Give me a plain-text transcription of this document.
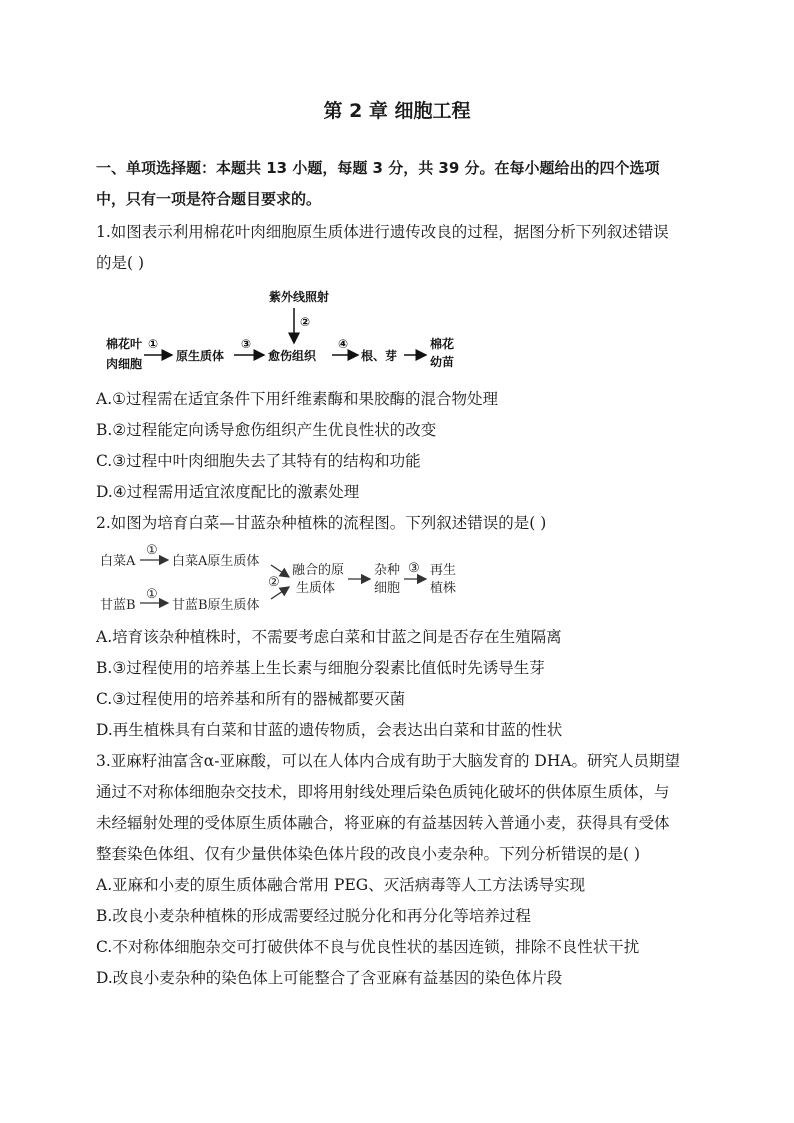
第 2 章 细胞工程
一、单项选择题：本题共 13 小题，每题 3 分，共 39 分。在每小题给出的四个选项
中，只有一项是符合题目要求的。
1.如图表示利用棉花叶肉细胞原生质体进行遗传改良的过程，据图分析下列叙述错误
的是( )
紫外线照射
②
棉花叶
肉细胞
①
原生质体
③
愈伤组织
④
根、芽
棉花
幼苗
A.①过程需在适宜条件下用纤维素酶和果胶酶的混合物处理
B.②过程能定向诱导愈伤组织产生优良性状的改变
C.③过程中叶肉细胞失去了其特有的结构和功能
D.④过程需用适宜浓度配比的激素处理
2.如图为培育白菜—甘蓝杂种植株的流程图。下列叙述错误的是( )
白菜A
①
白菜A原生质体
甘蓝B
①
甘蓝B原生质体
②
融合的原
生质体
杂种
细胞
③ 再生
植株
A.培育该杂种植株时，不需要考虑白菜和甘蓝之间是否存在生殖隔离
B.③过程使用的培养基上生长素与细胞分裂素比值低时先诱导生芽
C.③过程使用的培养基和所有的器械都要灭菌
D.再生植株具有白菜和甘蓝的遗传物质，会表达出白菜和甘蓝的性状
3.亚麻籽油富含α-亚麻酸，可以在人体内合成有助于大脑发育的 DHA。研究人员期望
通过不对称体细胞杂交技术，即将用射线处理后染色质钝化破坏的供体原生质体，与
未经辐射处理的受体原生质体融合，将亚麻的有益基因转入普通小麦，获得具有受体
整套染色体组、仅有少量供体染色体片段的改良小麦杂种。下列分析错误的是( )
A.亚麻和小麦的原生质体融合常用 PEG、灭活病毒等人工方法诱导实现
B.改良小麦杂种植株的形成需要经过脱分化和再分化等培养过程
C.不对称体细胞杂交可打破供体不良与优良性状的基因连锁，排除不良性状干扰
D.改良小麦杂种的染色体上可能整合了含亚麻有益基因的染色体片段
